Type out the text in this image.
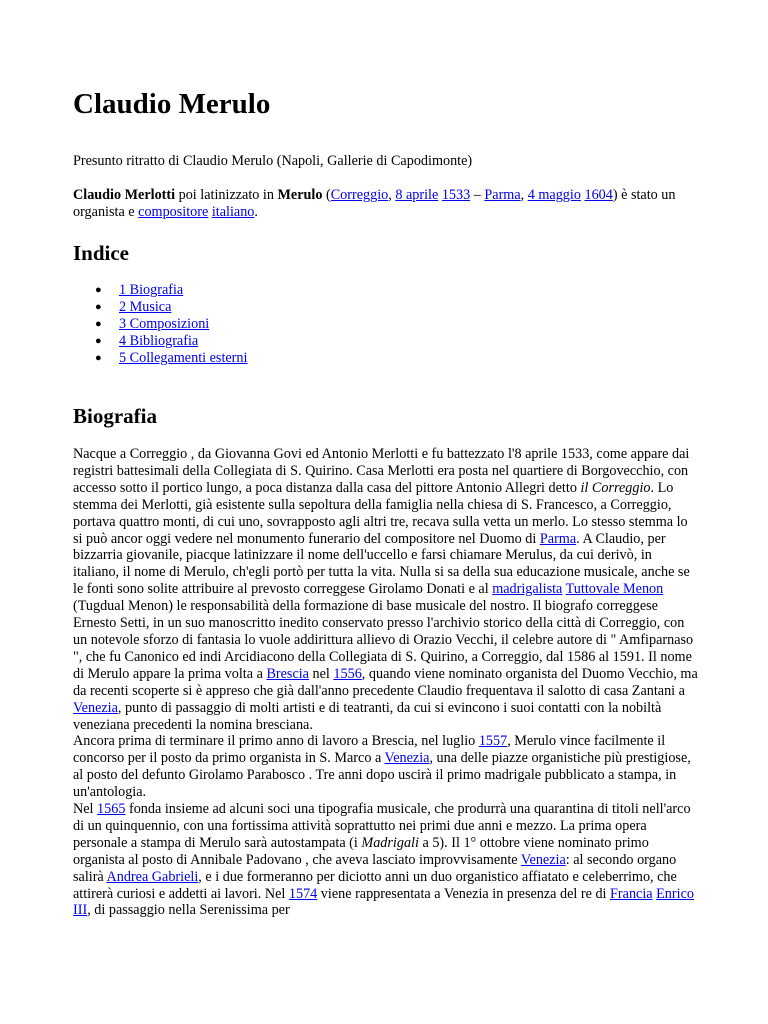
Claudio Merulo

Presunto ritratto di Claudio Merulo (Napoli, Gallerie di Capodimonte)

Claudio Merlotti poi latinizzato in Merulo (Correggio, 8 aprile 1533 – Parma, 4 maggio 1604) è stato un organista e compositore italiano.

Indice
● 1 Biografia
● 2 Musica
● 3 Composizioni
● 4 Bibliografia
● 5 Collegamenti esterni
Biografia

Nacque a Correggio , da Giovanna Govi ed Antonio Merlotti e fu battezzato l'8 aprile 1533, come appare dai registri battesimali della Collegiata di S. Quirino. Casa Merlotti era posta nel quartiere di Borgovecchio, con accesso sotto il portico lungo, a poca distanza dalla casa del pittore Antonio Allegri detto il Correggio. Lo stemma dei Merlotti, già esistente sulla sepoltura della famiglia nella chiesa di S. Francesco, a Correggio, portava quattro monti, di cui uno, sovrapposto agli altri tre, recava sulla vetta un merlo. Lo stesso stemma lo si può ancor oggi vedere nel monumento funerario del compositore nel Duomo di Parma. A Claudio, per bizzarria giovanile, piacque latinizzare il nome dell'uccello e farsi chiamare Merulus, da cui derivò, in italiano, il nome di Merulo, ch'egli portò per tutta la vita. Nulla si sa della sua educazione musicale, anche se le fonti sono solite attribuire al prevosto correggese Girolamo Donati e al madrigalista Tuttovale Menon (Tugdual Menon) le responsabilità della formazione di base musicale del nostro. Il biografo correggese Ernesto Setti, in un suo manoscritto inedito conservato presso l'archivio storico della città di Correggio, con un notevole sforzo di fantasia lo vuole addirittura allievo di Orazio Vecchi, il celebre autore di " Amfiparnaso ", che fu Canonico ed indi Arcidiacono della Collegiata di S. Quirino, a Correggio, dal 1586 al 1591. Il nome di Merulo appare la prima volta a Brescia nel 1556, quando viene nominato organista del Duomo Vecchio, ma da recenti scoperte si è appreso che già dall'anno precedente Claudio frequentava il salotto di casa Zantani a Venezia, punto di passaggio di molti artisti e di teatranti, da cui si evincono i suoi contatti con la nobiltà veneziana precedenti la nomina bresciana.
Ancora prima di terminare il primo anno di lavoro a Brescia, nel luglio 1557, Merulo vince facilmente il concorso per il posto da primo organista in S. Marco a Venezia, una delle piazze organistiche più prestigiose, al posto del defunto Girolamo Parabosco . Tre anni dopo uscirà il primo madrigale pubblicato a stampa, in un'antologia.
Nel 1565 fonda insieme ad alcuni soci una tipografia musicale, che produrrà una quarantina di titoli nell'arco di un quinquennio, con una fortissima attività soprattutto nei primi due anni e mezzo. La prima opera personale a stampa di Merulo sarà autostampata (i Madrigali a 5). Il 1° ottobre viene nominato primo organista al posto di Annibale Padovano , che aveva lasciato improvvisamente Venezia: al secondo organo salirà Andrea Gabrieli, e i due formeranno per diciotto anni un duo organistico affiatato e celeberrimo, che attirerà curiosi e addetti ai lavori. Nel 1574 viene rappresentata a Venezia in presenza del re di Francia Enrico III, di passaggio nella Serenissima per
